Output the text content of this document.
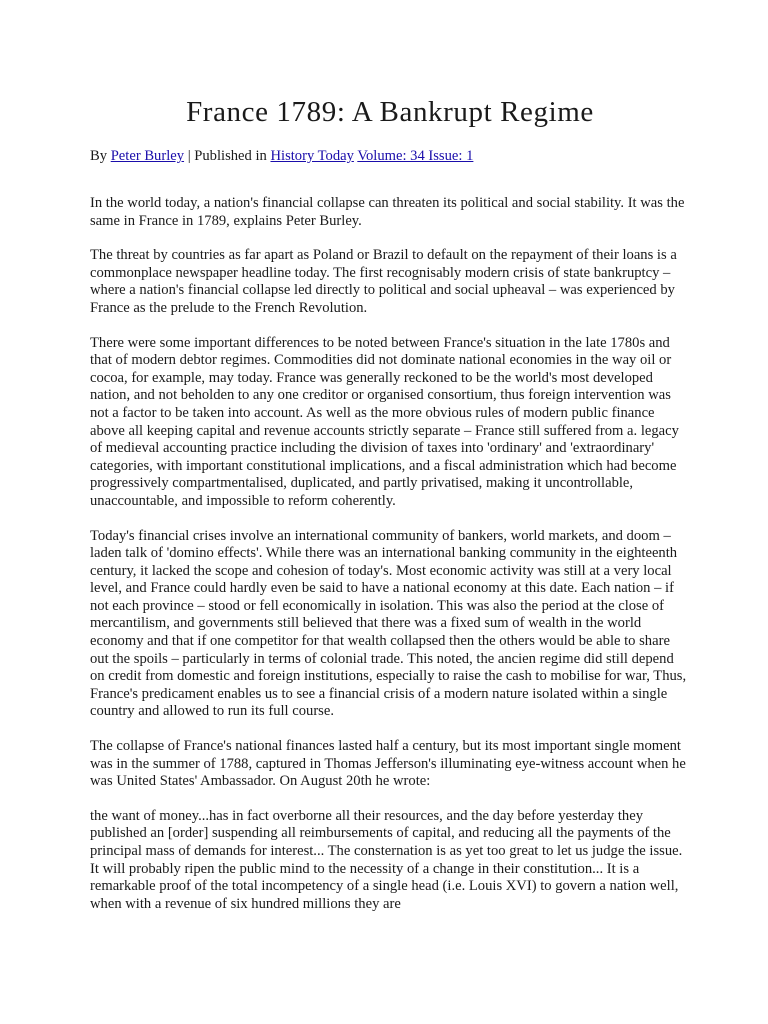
France 1789: A Bankrupt Regime
By Peter Burley | Published in History Today Volume: 34 Issue: 1

In the world today, a nation's financial collapse can threaten its political and social stability. It was the same in France in 1789, explains Peter Burley.

The threat by countries as far apart as Poland or Brazil to default on the repayment of their loans is a commonplace newspaper headline today. The first recognisably modern crisis of state bankruptcy – where a nation's financial collapse led directly to political and social upheaval – was experienced by France as the prelude to the French Revolution.

There were some important differences to be noted between France's situation in the late 1780s and that of modern debtor regimes. Commodities did not dominate national economies in the way oil or cocoa, for example, may today. France was generally reckoned to be the world's most developed nation, and not beholden to any one creditor or organised consortium, thus foreign intervention was not a factor to be taken into account. As well as the more obvious rules of modern public finance above all keeping capital and revenue accounts strictly separate – France still suffered from a. legacy of medieval accounting practice including the division of taxes into 'ordinary' and 'extraordinary' categories, with important constitutional implications, and a fiscal administration which had become progressively compartmentalised, duplicated, and partly privatised, making it uncontrollable, unaccountable, and impossible to reform coherently.

Today's financial crises involve an international community of bankers, world markets, and doom – laden talk of 'domino effects'. While there was an international banking community in the eighteenth century, it lacked the scope and cohesion of today's. Most economic activity was still at a very local level, and France could hardly even be said to have a national economy at this date. Each nation – if not each province – stood or fell economically in isolation. This was also the period at the close of mercantilism, and governments still believed that there was a fixed sum of wealth in the world economy and that if one competitor for that wealth collapsed then the others would be able to share out the spoils – particularly in terms of colonial trade. This noted, the ancien regime did still depend on credit from domestic and foreign institutions, especially to raise the cash to mobilise for war, Thus, France's predicament enables us to see a financial crisis of a modern nature isolated within a single country and allowed to run its full course.

The collapse of France's national finances lasted half a century, but its most important single moment was in the summer of 1788, captured in Thomas Jefferson's illuminating eye-witness account when he was United States' Ambassador. On August 20th he wrote:

the want of money...has in fact overborne all their resources, and the day before yesterday they published an [order] suspending all reimbursements of capital, and reducing all the payments of the principal mass of demands for interest... The consternation is as yet too great to let us judge the issue. It will probably ripen the public mind to the necessity of a change in their constitution... It is a remarkable proof of the total incompetency of a single head (i.e. Louis XVI) to govern a nation well, when with a revenue of six hundred millions they are
